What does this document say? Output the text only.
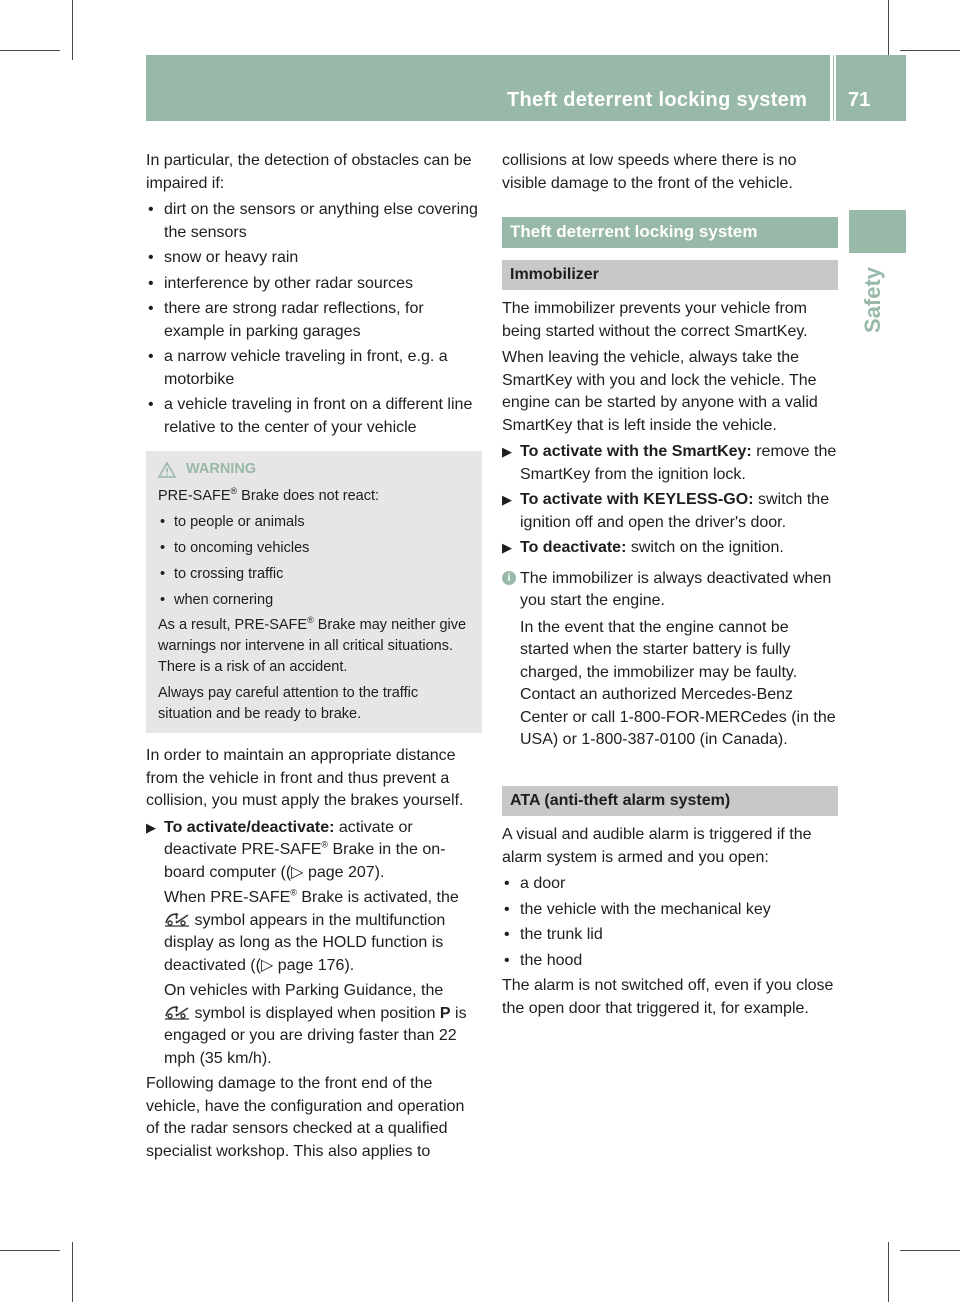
Theft deterrent locking system 71
Safety

In particular, the detection of obstacles can be impaired if:

• dirt on the sensors or anything else covering the sensors
• snow or heavy rain
• interference by other radar sources
• there are strong radar reflections, for example in parking garages
• a narrow vehicle traveling in front, e.g. a motorbike
• a vehicle traveling in front on a different line relative to the center of your vehicle
WARNING

PRE-SAFE® Brake does not react:

• to people or animals
• to oncoming vehicles
• to crossing traffic
• when cornering

As a result, PRE-SAFE® Brake may neither give warnings nor intervene in all critical situations. There is a risk of an accident.

Always pay careful attention to the traffic situation and be ready to brake.

In order to maintain an appropriate distance from the vehicle in front and thus prevent a collision, you must apply the brakes yourself.

▶ To activate/deactivate: activate or deactivate PRE-SAFE® Brake in the on-board computer ((▷ page 207).
When PRE-SAFE® Brake is activated, the
symbol appears in the multifunction display as long as the HOLD function is deactivated ((▷ page 176).
On vehicles with Parking Guidance, the
symbol is displayed when position P is engaged or you are driving faster than 22 mph (35 km/h).

Following damage to the front end of the vehicle, have the configuration and operation of the radar sensors checked at a qualified specialist workshop. This also applies to

collisions at low speeds where there is no visible damage to the front of the vehicle.

Theft deterrent locking system
Immobilizer

The immobilizer prevents your vehicle from being started without the correct SmartKey.

When leaving the vehicle, always take the SmartKey with you and lock the vehicle. The engine can be started by anyone with a valid SmartKey that is left inside the vehicle.

▶ To activate with the SmartKey: remove the SmartKey from the ignition lock.
▶ To activate with KEYLESS-GO: switch the ignition off and open the driver's door.
▶ To deactivate: switch on the ignition.
i The immobilizer is always deactivated when you start the engine.

In the event that the engine cannot be started when the starter battery is fully charged, the immobilizer may be faulty. Contact an authorized Mercedes-Benz Center or call 1-800-FOR-MERCedes (in the USA) or 1-800-387-0100 (in Canada).

ATA (anti-theft alarm system)

A visual and audible alarm is triggered if the alarm system is armed and you open:

• a door
• the vehicle with the mechanical key
• the trunk lid
• the hood

The alarm is not switched off, even if you close the open door that triggered it, for example.
